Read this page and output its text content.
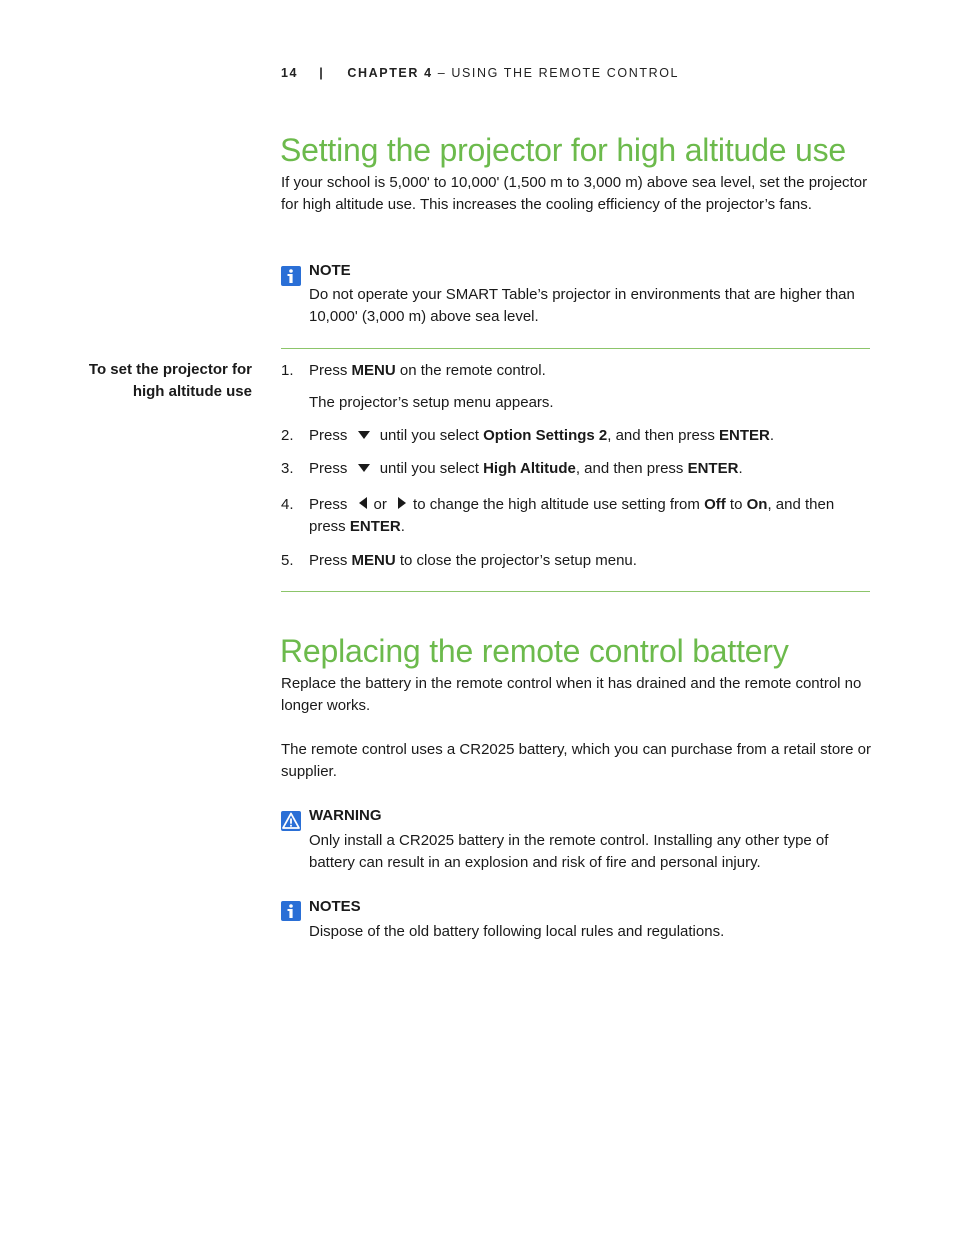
14 | CHAPTER 4 – USING THE REMOTE CONTROL
Setting the projector for high altitude use

If your school is 5,000' to 10,000' (1,500 m to 3,000 m) above sea level, set the projector for high altitude use. This increases the cooling efficiency of the projector’s fans.

NOTE

Do not operate your SMART Table’s projector in environments that are higher than 10,000' (3,000 m) above sea level.

To set the projector for
high altitude use
1. Press MENU on the remote control.
The projector’s setup menu appears.
2. Press until you select Option Settings 2, and then press ENTER.
3. Press until you select High Altitude, and then press ENTER.
4. Press or to change the high altitude use setting from Off to On, and then press ENTER.
5. Press MENU to close the projector’s setup menu.
Replacing the remote control battery

Replace the battery in the remote control when it has drained and the remote control no longer works.

The remote control uses a CR2025 battery, which you can purchase from a retail store or supplier.

WARNING

Only install a CR2025 battery in the remote control. Installing any other type of battery can result in an explosion and risk of fire and personal injury.

NOTES

Dispose of the old battery following local rules and regulations.
